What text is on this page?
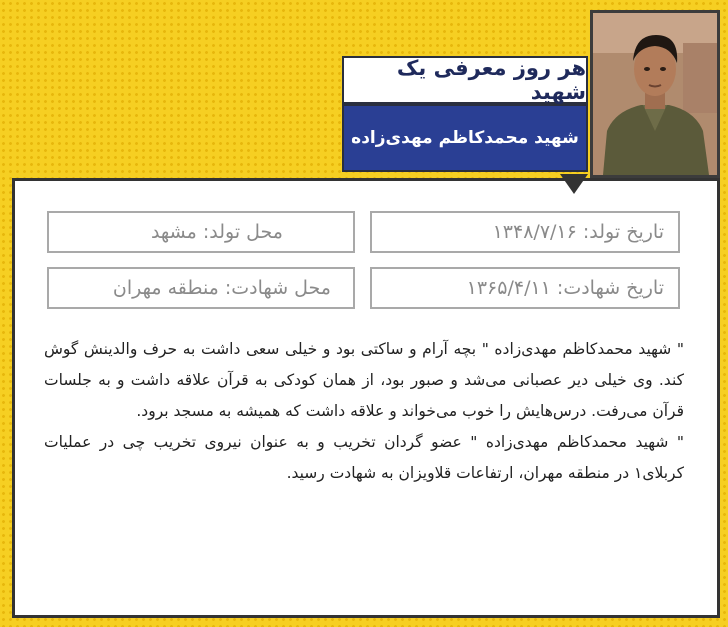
هر روز معرفی یک شهید
شهید محمدکاظم مهدی‌زاده
تاریخ تولد: ۱۳۴۸/۷/۱۶
محل تولد: مشهد
تاریخ شهادت: ۱۳۶۵/۴/۱۱
محل شهادت: منطقه مهران

" شهید محمدکاظم مهدی‌زاده " بچه آرام و ساکتی بود و خیلی سعی داشت به حرف والدینش گوش کند. وی خیلی دیر عصبانی می‌شد و صبور بود، از همان کودکی به قرآن علاقه داشت و به جلسات قرآن می‌رفت. درس‌هایش را خوب می‌خواند و علاقه داشت که همیشه به مسجد برود.

" شهید محمدکاظم مهدی‌زاده " عضو گردان تخریب و به عنوان نیروی تخریب چی در عملیات کربلای۱ در منطقه مهران، ارتفاعات قلاویزان به شهادت رسید.
